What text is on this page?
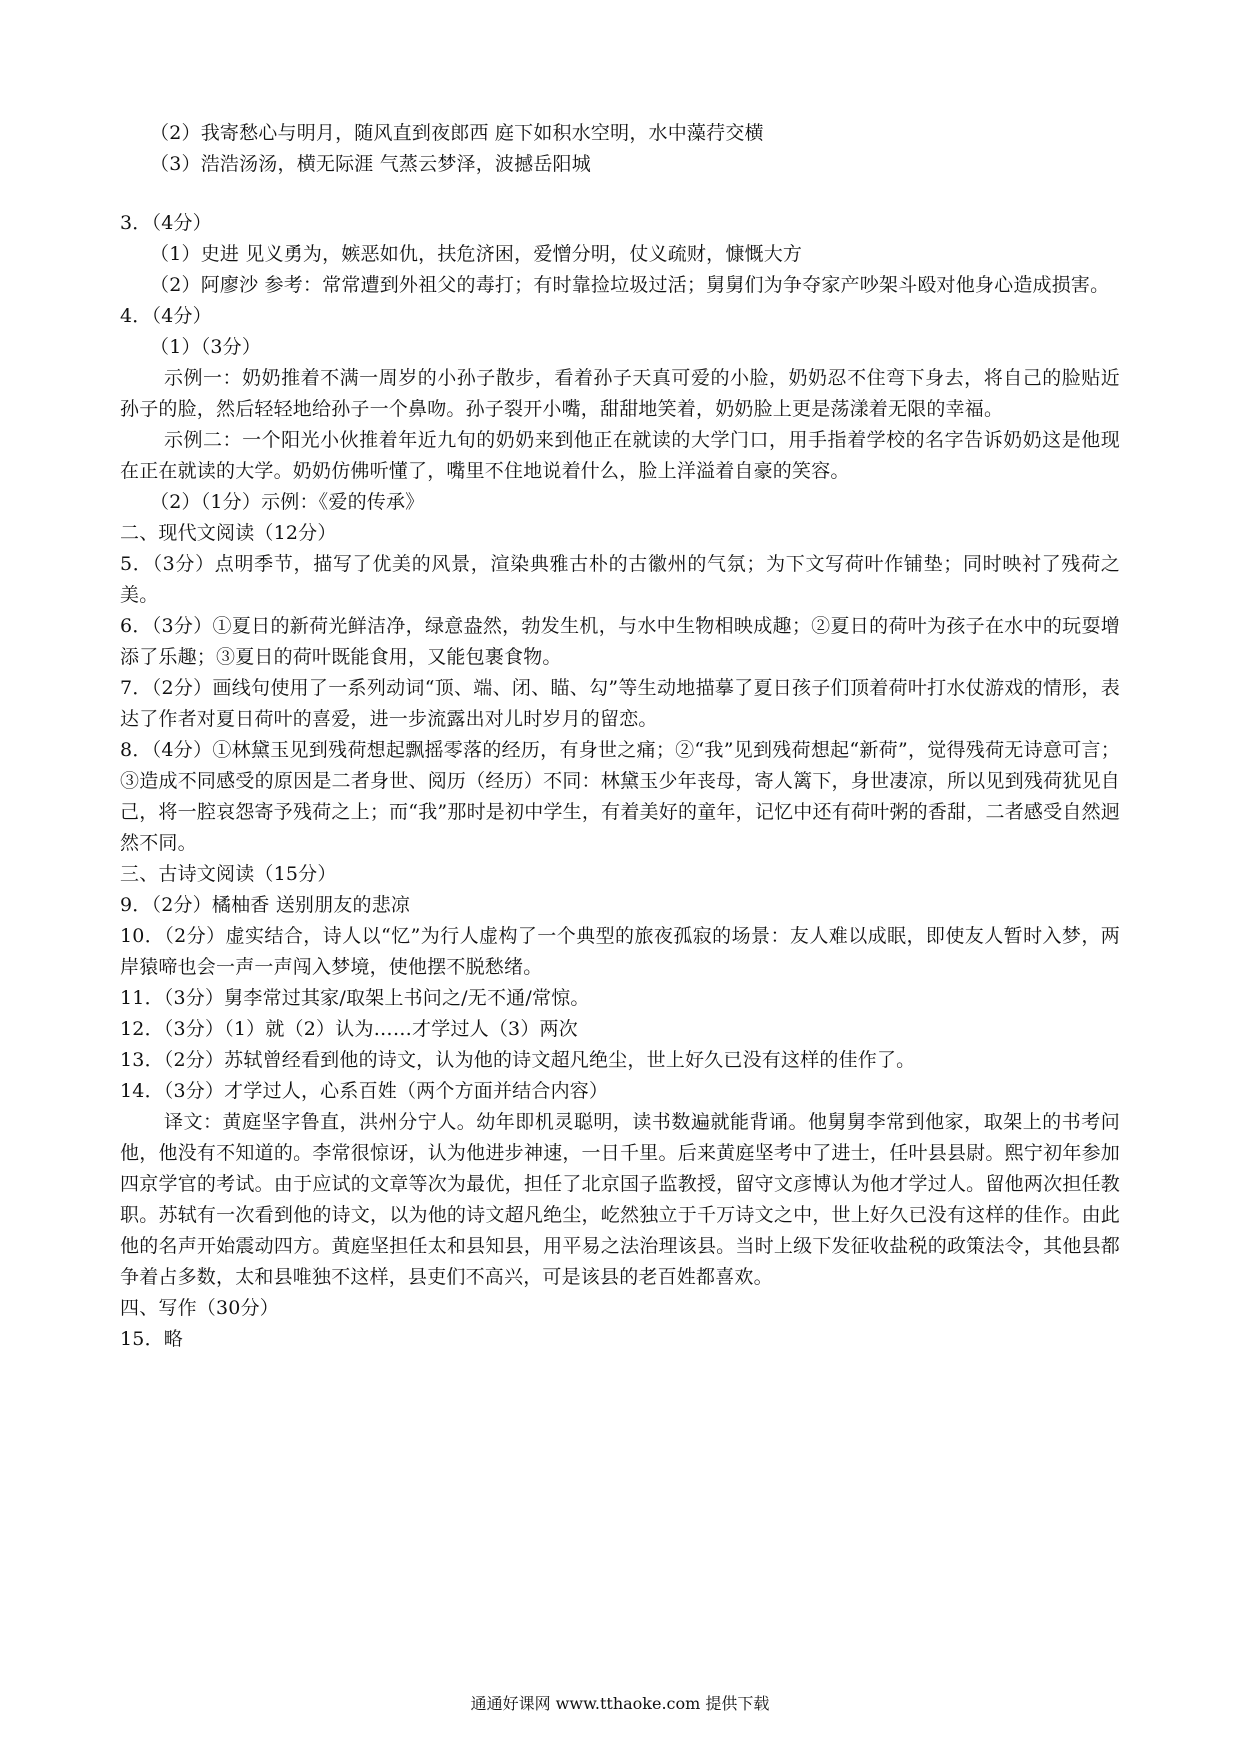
（2）我寄愁心与明月，随风直到夜郎西 庭下如积水空明，水中藻荇交横
（3）浩浩汤汤，横无际涯 气蒸云梦泽，波撼岳阳城
3．（4分）
（1）史进 见义勇为，嫉恶如仇，扶危济困，爱憎分明，仗义疏财，慷慨大方
（2）阿廖沙 参考：常常遭到外祖父的毒打；有时靠捡垃圾过活；舅舅们为争夺家产吵架斗殴对他身心造成损害。
4．（4分）
（1）（3分）
示例一：奶奶推着不满一周岁的小孙子散步，看着孙子天真可爱的小脸，奶奶忍不住弯下身去，将自己的脸贴近孙子的脸，然后轻轻地给孙子一个鼻吻。孙子裂开小嘴，甜甜地笑着，奶奶脸上更是荡漾着无限的幸福。
示例二：一个阳光小伙推着年近九旬的奶奶来到他正在就读的大学门口，用手指着学校的名字告诉奶奶这是他现在正在就读的大学。奶奶仿佛听懂了，嘴里不住地说着什么，脸上洋溢着自豪的笑容。
（2）（1分）示例：《爱的传承》
二、现代文阅读（12分）
5．（3分）点明季节，描写了优美的风景，渲染典雅古朴的古徽州的气氛；为下文写荷叶作铺垫；同时映衬了残荷之美。
6．（3分）①夏日的新荷光鲜洁净，绿意盎然，勃发生机，与水中生物相映成趣；②夏日的荷叶为孩子在水中的玩耍增添了乐趣；③夏日的荷叶既能食用，又能包裹食物。
7．（2分）画线句使用了一系列动词“顶、端、闭、瞄、勾”等生动地描摹了夏日孩子们顶着荷叶打水仗游戏的情形，表达了作者对夏日荷叶的喜爱，进一步流露出对儿时岁月的留恋。
8．（4分）①林黛玉见到残荷想起飘摇零落的经历，有身世之痛；②“我”见到残荷想起“新荷”，觉得残荷无诗意可言；③造成不同感受的原因是二者身世、阅历（经历）不同：林黛玉少年丧母，寄人篱下，身世凄凉，所以见到残荷犹见自己，将一腔哀怨寄予残荷之上；而“我”那时是初中学生，有着美好的童年，记忆中还有荷叶粥的香甜，二者感受自然迥然不同。
三、古诗文阅读（15分）
9．（2分）橘柚香 送别朋友的悲凉
10．（2分）虚实结合，诗人以“忆”为行人虚构了一个典型的旅夜孤寂的场景：友人难以成眠，即使友人暂时入梦，两岸猿啼也会一声一声闯入梦境，使他摆不脱愁绪。
11．（3分）舅李常过其家/取架上书问之/无不通/常惊。
12．（3分）（1）就（2）认为……才学过人（3）两次
13．（2分）苏轼曾经看到他的诗文，认为他的诗文超凡绝尘，世上好久已没有这样的佳作了。
14．（3分）才学过人，心系百姓（两个方面并结合内容）
译文：黄庭坚字鲁直，洪州分宁人。幼年即机灵聪明，读书数遍就能背诵。他舅舅李常到他家，取架上的书考问他，他没有不知道的。李常很惊讶，认为他进步神速，一日千里。后来黄庭坚考中了进士，任叶县县尉。熙宁初年参加四京学官的考试。由于应试的文章等次为最优，担任了北京国子监教授，留守文彦博认为他才学过人。留他两次担任教职。苏轼有一次看到他的诗文，以为他的诗文超凡绝尘，屹然独立于千万诗文之中，世上好久已没有这样的佳作。由此他的名声开始震动四方。黄庭坚担任太和县知县，用平易之法治理该县。当时上级下发征收盐税的政策法令，其他县都争着占多数，太和县唯独不这样，县吏们不高兴，可是该县的老百姓都喜欢。
四、写作（30分）
15．略
通通好课网 www.tthaoke.com 提供下载
